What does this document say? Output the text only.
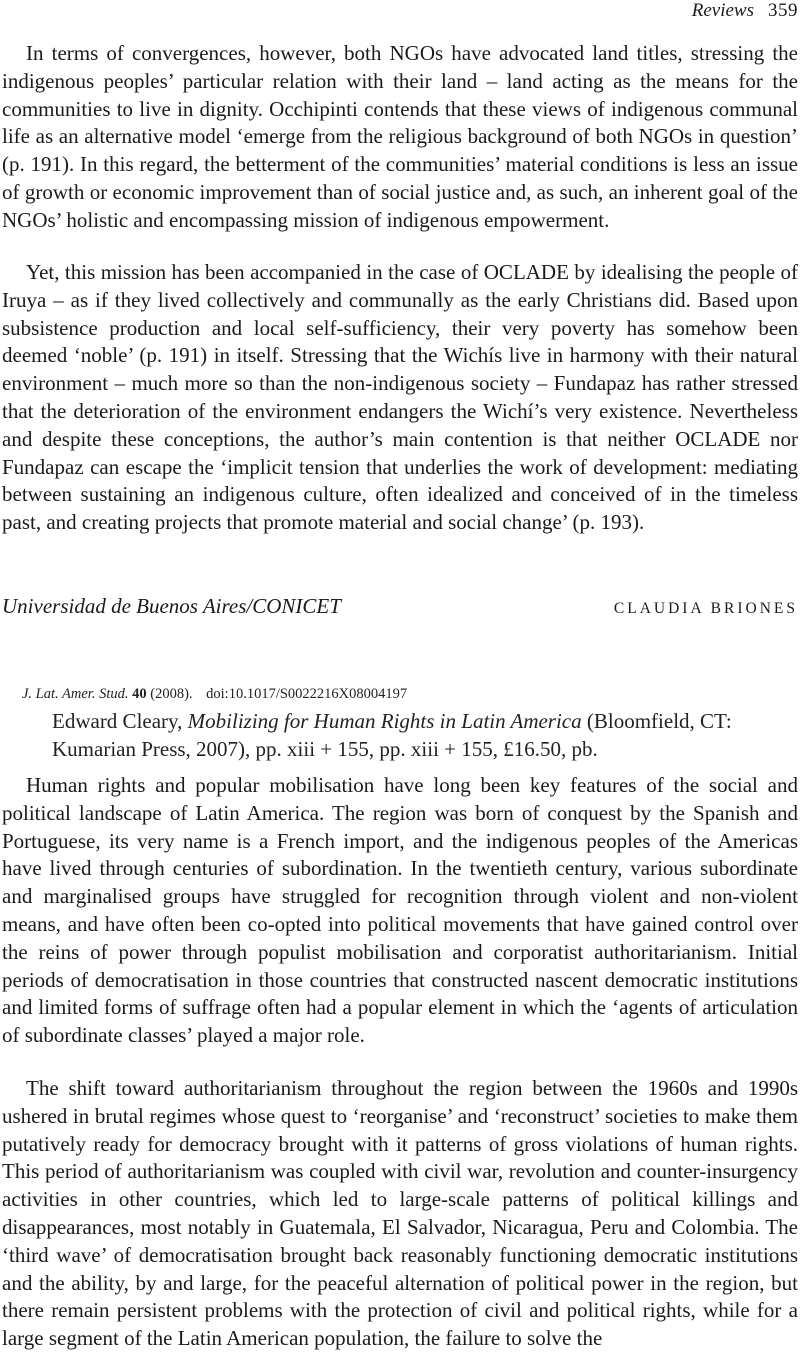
Reviews 359

In terms of convergences, however, both NGOs have advocated land titles, stressing the indigenous peoples’ particular relation with their land – land acting as the means for the communities to live in dignity. Occhipinti contends that these views of indigenous communal life as an alternative model ‘emerge from the religious background of both NGOs in question’ (p. 191). In this regard, the betterment of the communities’ material conditions is less an issue of growth or economic improvement than of social justice and, as such, an inherent goal of the NGOs’ holistic and encompassing mission of indigenous empowerment.

Yet, this mission has been accompanied in the case of OCLADE by idealising the people of Iruya – as if they lived collectively and communally as the early Christians did. Based upon subsistence production and local self-sufficiency, their very poverty has somehow been deemed ‘noble’ (p. 191) in itself. Stressing that the Wichís live in harmony with their natural environment – much more so than the non-indigenous society – Fundapaz has rather stressed that the deterioration of the environment endangers the Wichí’s very existence. Nevertheless and despite these conceptions, the author’s main contention is that neither OCLADE nor Fundapaz can escape the ‘implicit tension that underlies the work of development: mediating between sustaining an indigenous culture, often idealized and conceived of in the timeless past, and creating projects that promote material and social change’ (p. 193).

Universidad de Buenos Aires/CONICET	CLAUDIA BRIONES
J. Lat. Amer. Stud. 40 (2008). doi:10.1017/S0022216X08004197
Edward Cleary, Mobilizing for Human Rights in Latin America (Bloomfield, CT: Kumarian Press, 2007), pp. xiii + 155, pp. xiii + 155, £16.50, pb.

Human rights and popular mobilisation have long been key features of the social and political landscape of Latin America. The region was born of conquest by the Spanish and Portuguese, its very name is a French import, and the indigenous peoples of the Americas have lived through centuries of subordination. In the twentieth century, various subordinate and marginalised groups have struggled for recognition through violent and non-violent means, and have often been co-opted into political movements that have gained control over the reins of power through populist mobilisation and corporatist authoritarianism. Initial periods of democratisation in those countries that constructed nascent democratic institutions and limited forms of suffrage often had a popular element in which the ‘agents of articulation of subordinate classes’ played a major role.

The shift toward authoritarianism throughout the region between the 1960s and 1990s ushered in brutal regimes whose quest to ‘reorganise’ and ‘reconstruct’ societies to make them putatively ready for democracy brought with it patterns of gross violations of human rights. This period of authoritarianism was coupled with civil war, revolution and counter-insurgency activities in other countries, which led to large-scale patterns of political killings and disappearances, most notably in Guatemala, El Salvador, Nicaragua, Peru and Colombia. The ‘third wave’ of democratisation brought back reasonably functioning democratic institutions and the ability, by and large, for the peaceful alternation of political power in the region, but there remain persistent problems with the protection of civil and political rights, while for a large segment of the Latin American population, the failure to solve the
